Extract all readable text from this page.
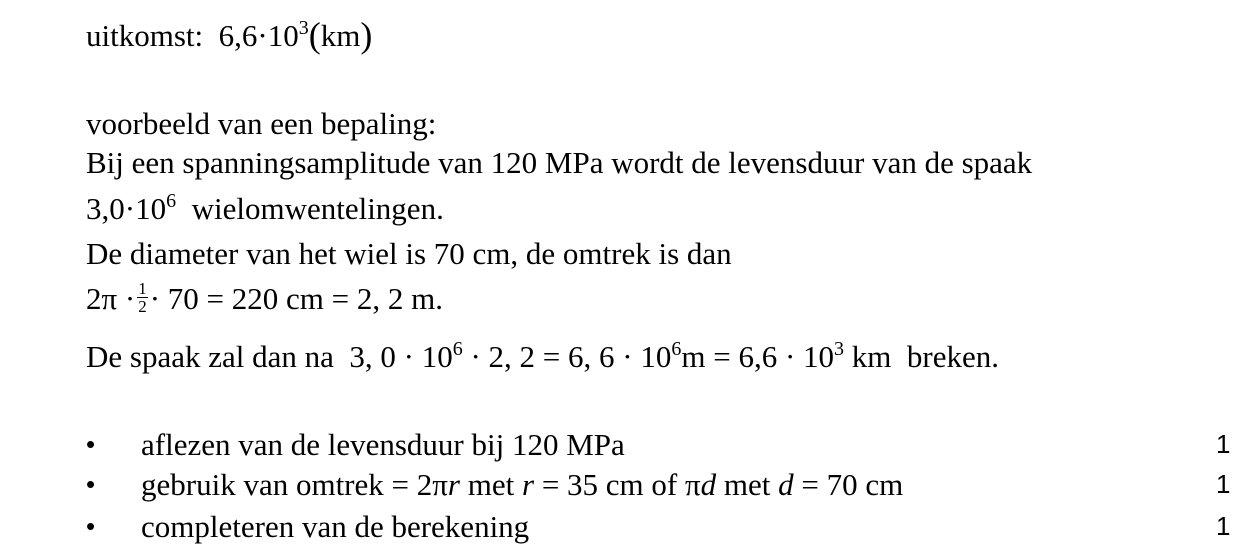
uitkomst: $6,6\cdot 10^3(km)$
voorbeeld van een bepaling:
Bij een spanningsamplitude van 120 MPa wordt de levensduur van de spaak
$3,0\cdot 10^6$ wielomwentelingen.
De diameter van het wiel is 70 cm, de omtrek is dan
$2\pi \cdot \frac{1}{2} \cdot 70 = 220$ cm = 2, 2 m.
De spaak zal dan na 3, $0 \cdot 10^6 \cdot 2$, 2 = 6, $6 \cdot 10^6m = 6,6 \cdot 10^3$ km breken.
• aflezen van de levensduur bij 120 MPa	1
• gebruik van omtrek = 2πr met r = 35 cm of πd met d = 70 cm	1
• completeren van de berekening	1
